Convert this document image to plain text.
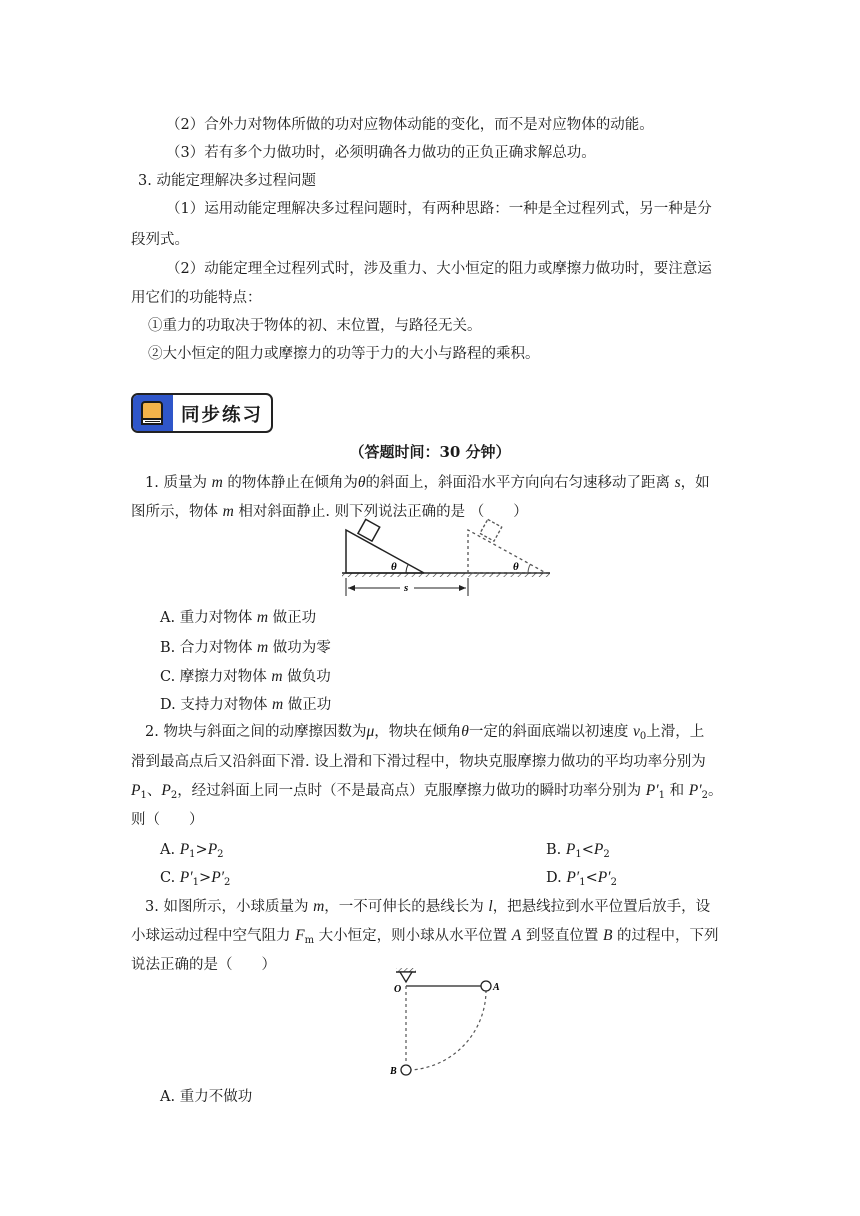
（2）合外力对物体所做的功对应物体动能的变化，而不是对应物体的动能。
（3）若有多个力做功时，必须明确各力做功的正负正确求解总功。
3. 动能定理解决多过程问题
（1）运用动能定理解决多过程问题时，有两种思路：一种是全过程列式，另一种是分
段列式。
（2）动能定理全过程列式时，涉及重力、大小恒定的阻力或摩擦力做功时，要注意运
用它们的功能特点：
①重力的功取决于物体的初、末位置，与路径无关。
②大小恒定的阻力或摩擦力的功等于力的大小与路程的乘积。
同步练习
（答题时间：30 分钟）
1. 质量为 m 的物体静止在倾角为θ的斜面上，斜面沿水平方向向右匀速移动了距离 s，如
图所示，物体 m 相对斜面静止. 则下列说法正确的是 （　　）
θ	θ
s
A. 重力对物体 m 做正功
B. 合力对物体 m 做功为零
C. 摩擦力对物体 m 做负功
D. 支持力对物体 m 做正功
2. 物块与斜面之间的动摩擦因数为μ，物块在倾角θ一定的斜面底端以初速度 $v_0$上滑，上
滑到最高点后又沿斜面下滑. 设上滑和下滑过程中，物块克服摩擦力做功的平均功率分别为
$P_1$、$P_2$，经过斜面上同一点时（不是最高点）克服摩擦力做功的瞬时功率分别为 $P'_1$ 和 $P'_2$。
则（　　）
A. $P_1>P_2$	B. $P_1<P_2$
C. $P'_1>P'_2$	D. $P'_1<P'_2$
3. 如图所示，小球质量为 m，一不可伸长的悬线长为 l，把悬线拉到水平位置后放手，设
小球运动过程中空气阻力 $F_m$ 大小恒定，则小球从水平位置 A 到竖直位置 B 的过程中，下列
说法正确的是（　　）
O	A
B
A. 重力不做功
